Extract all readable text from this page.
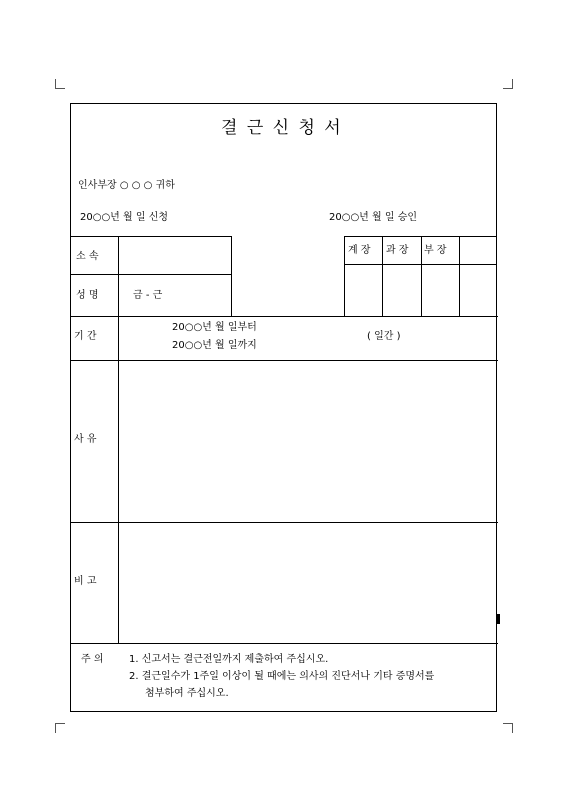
결 근 신 청 서
인사부장 ○ ○ ○ 귀하
20○○년 월 일 신청	20○○년 월 일 승인
소 속
성 명	금 - 근
계 장 과 장 부 장
기 간
20○○년 월 일부터
20○○년 월 일까지
( 일간 )
사 유
비 고
주 의	1. 신고서는 결근전일까지 제출하여 주십시오.
2. 결근일수가 1주일 이상이 될 때에는 의사의 진단서나 기타 증명서를
첨부하여 주십시오.
